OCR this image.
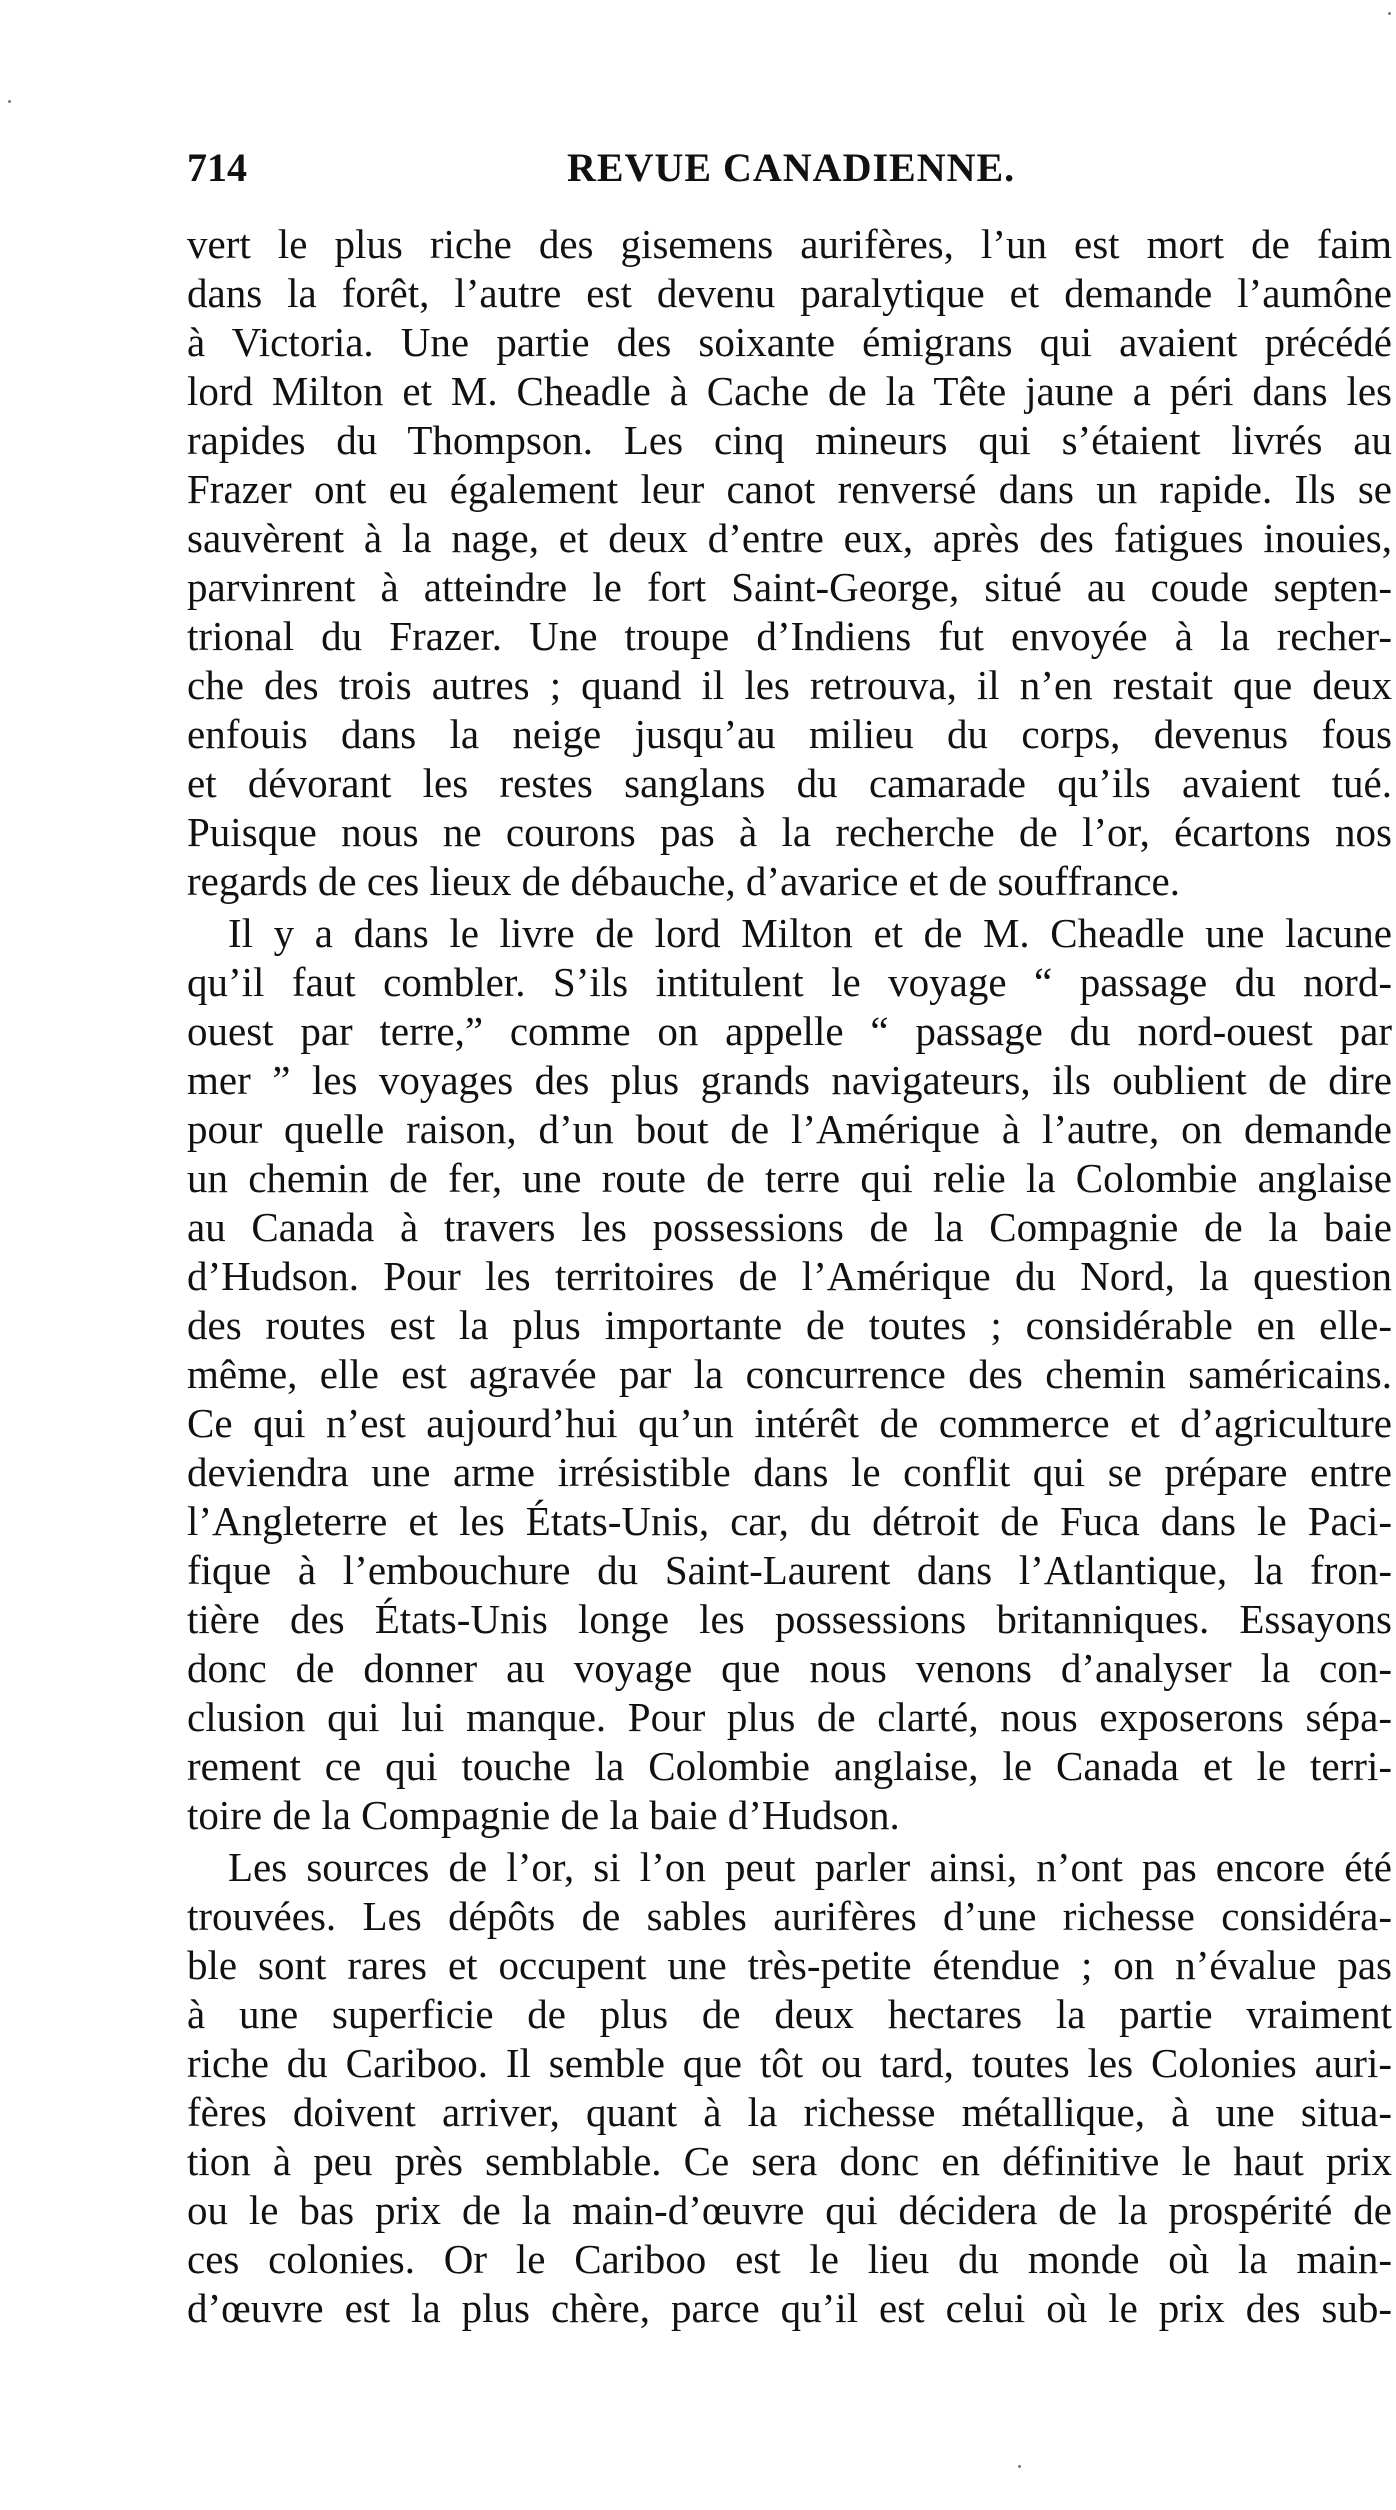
714	REVUE CANADIENNE.
vert le plus riche des gisemens aurifères, l’un est mort de faim
dans la forêt, l’autre est devenu paralytique et demande l’aumône
à Victoria. Une partie des soixante émigrans qui avaient précédé
lord Milton et M. Cheadle à Cache de la Tête jaune a péri dans les
rapides du Thompson. Les cinq mineurs qui s’étaient livrés au
Frazer ont eu également leur canot renversé dans un rapide. Ils se
sauvèrent à la nage, et deux d’entre eux, après des fatigues inouies,
parvinrent à atteindre le fort Saint-George, situé au coude septen-
trional du Frazer. Une troupe d’Indiens fut envoyée à la recher-
che des trois autres ; quand il les retrouva, il n’en restait que deux
enfouis dans la neige jusqu’au milieu du corps, devenus fous
et dévorant les restes sanglans du camarade qu’ils avaient tué.
Puisque nous ne courons pas à la recherche de l’or, écartons nos
regards de ces lieux de débauche, d’avarice et de souffrance.
Il y a dans le livre de lord Milton et de M. Cheadle une lacune
qu’il faut combler. S’ils intitulent le voyage “ passage du nord-
ouest par terre,” comme on appelle “ passage du nord-ouest par
mer ” les voyages des plus grands navigateurs, ils oublient de dire
pour quelle raison, d’un bout de l’Amérique à l’autre, on demande
un chemin de fer, une route de terre qui relie la Colombie anglaise
au Canada à travers les possessions de la Compagnie de la baie
d’Hudson. Pour les territoires de l’Amérique du Nord, la question
des routes est la plus importante de toutes ; considérable en elle-
même, elle est agravée par la concurrence des chemin saméricains.
Ce qui n’est aujourd’hui qu’un intérêt de commerce et d’agriculture
deviendra une arme irrésistible dans le conflit qui se prépare entre
l’Angleterre et les États-Unis, car, du détroit de Fuca dans le Paci-
fique à l’embouchure du Saint-Laurent dans l’Atlantique, la fron-
tière des États-Unis longe les possessions britanniques. Essayons
donc de donner au voyage que nous venons d’analyser la con-
clusion qui lui manque. Pour plus de clarté, nous exposerons sépa-
rement ce qui touche la Colombie anglaise, le Canada et le terri-
toire de la Compagnie de la baie d’Hudson.
Les sources de l’or, si l’on peut parler ainsi, n’ont pas encore été
trouvées. Les dépôts de sables aurifères d’une richesse considéra-
ble sont rares et occupent une très-petite étendue ; on n’évalue pas
à une superficie de plus de deux hectares la partie vraiment
riche du Cariboo. Il semble que tôt ou tard, toutes les Colonies auri-
fères doivent arriver, quant à la richesse métallique, à une situa-
tion à peu près semblable. Ce sera donc en définitive le haut prix
ou le bas prix de la main-d’œuvre qui décidera de la prospérité de
ces colonies. Or le Cariboo est le lieu du monde où la main-
d’œuvre est la plus chère, parce qu’il est celui où le prix des sub-
